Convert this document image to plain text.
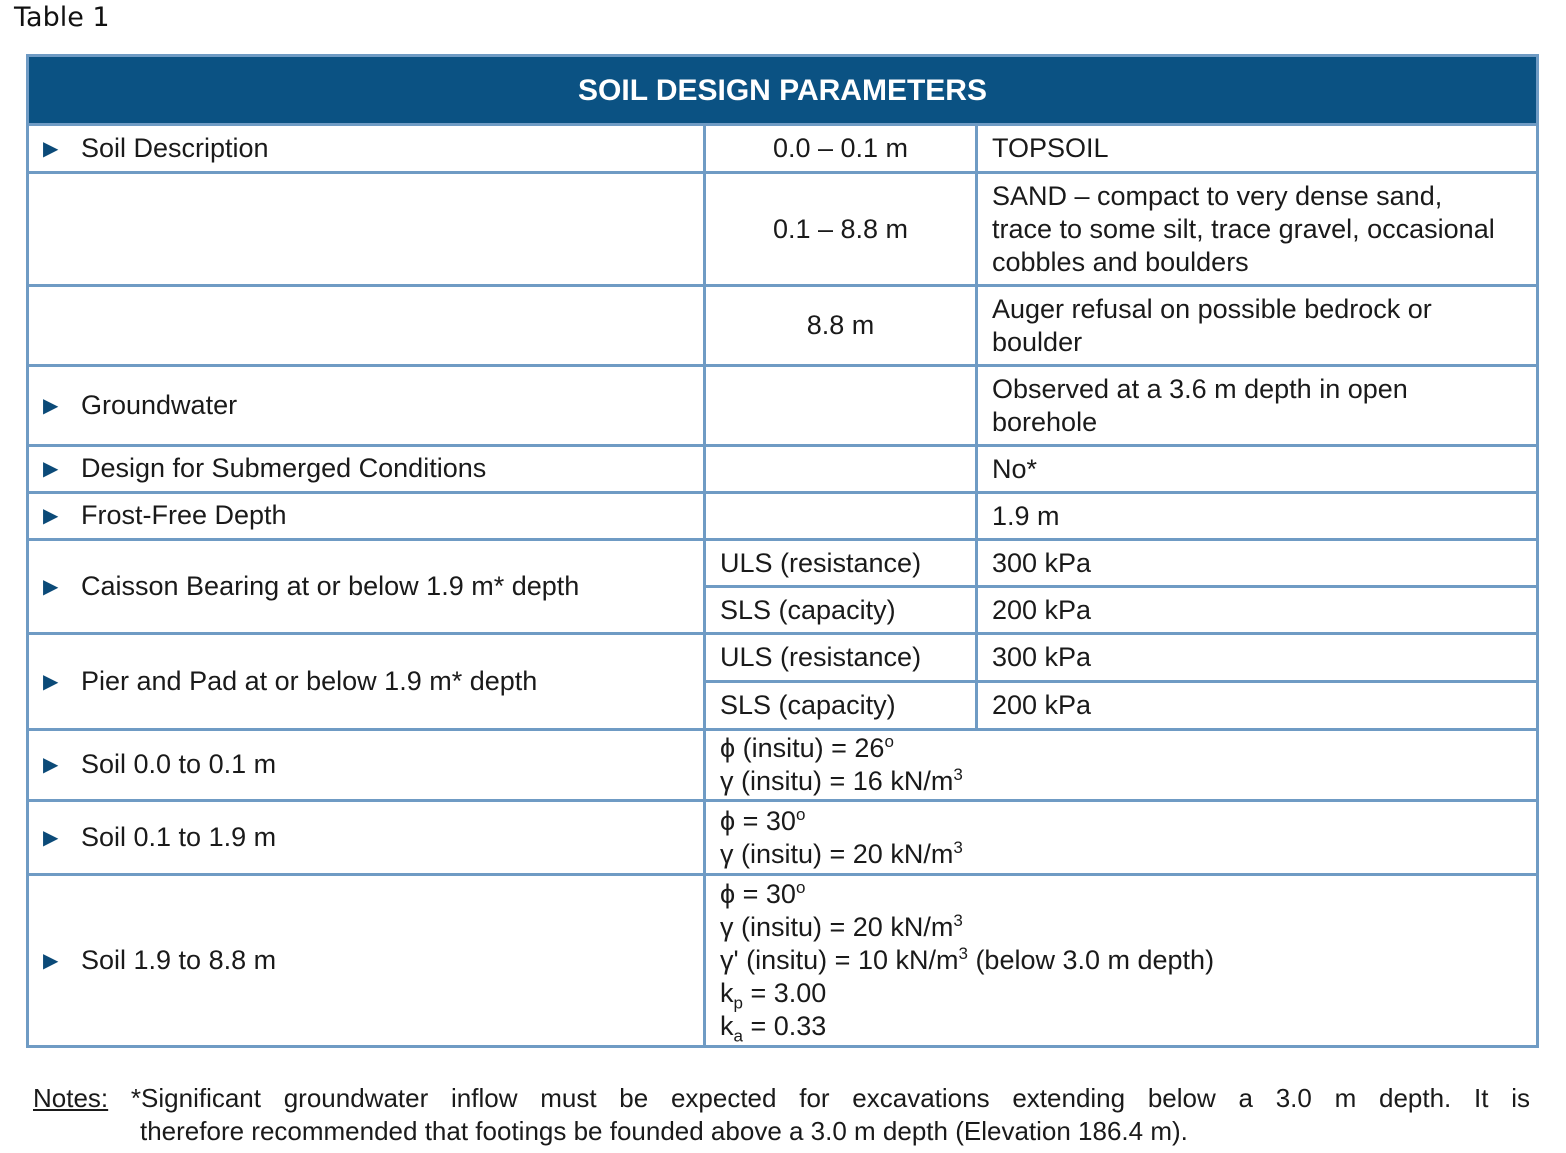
Table 1
SOIL DESIGN PARAMETERS		
▶ Soil Description	0.0 – 0.1 m	TOPSOIL
	0.1 – 8.8 m	SAND – compact to very dense sand,
trace to some silt, trace gravel, occasional
cobbles and boulders

	8.8 m	Auger refusal on possible bedrock or
boulder

▶ Groundwater		Observed at a 3.6 m depth in open
borehole

▶ Design for Submerged Conditions		No*
▶ Frost-Free Depth		1.9 m
▶ Caisson Bearing at or below 1.9 m* depth	ULS (resistance)	300 kPa
	SLS (capacity)	200 kPa
▶ Pier and Pad at or below 1.9 m* depth	ULS (resistance)	300 kPa
	SLS (capacity)	200 kPa
▶ Soil 0.0 to 0.1 m	ϕ (insitu) = $26^o$
γ (insitu) = 16 $kN/m^3$

▶ Soil 0.1 to 1.9 m	$\phi = 30^o$
γ (insitu) = 20 $kN/m^3$

▶ Soil 1.9 to 8.8 m	$\phi = 30^o$
γ (insitu) = 20 $kN/m^3$
γ' (insitu) = 10 $kN/m^3$ (below 3.0 m depth)
$k_p = 3.00$
$k_a = 0.33$	
Notes: *Significant groundwater inflow must be expected for excavations extending below a 3.0 m depth. It is
therefore recommended that footings be founded above a 3.0 m depth (Elevation 186.4 m).
